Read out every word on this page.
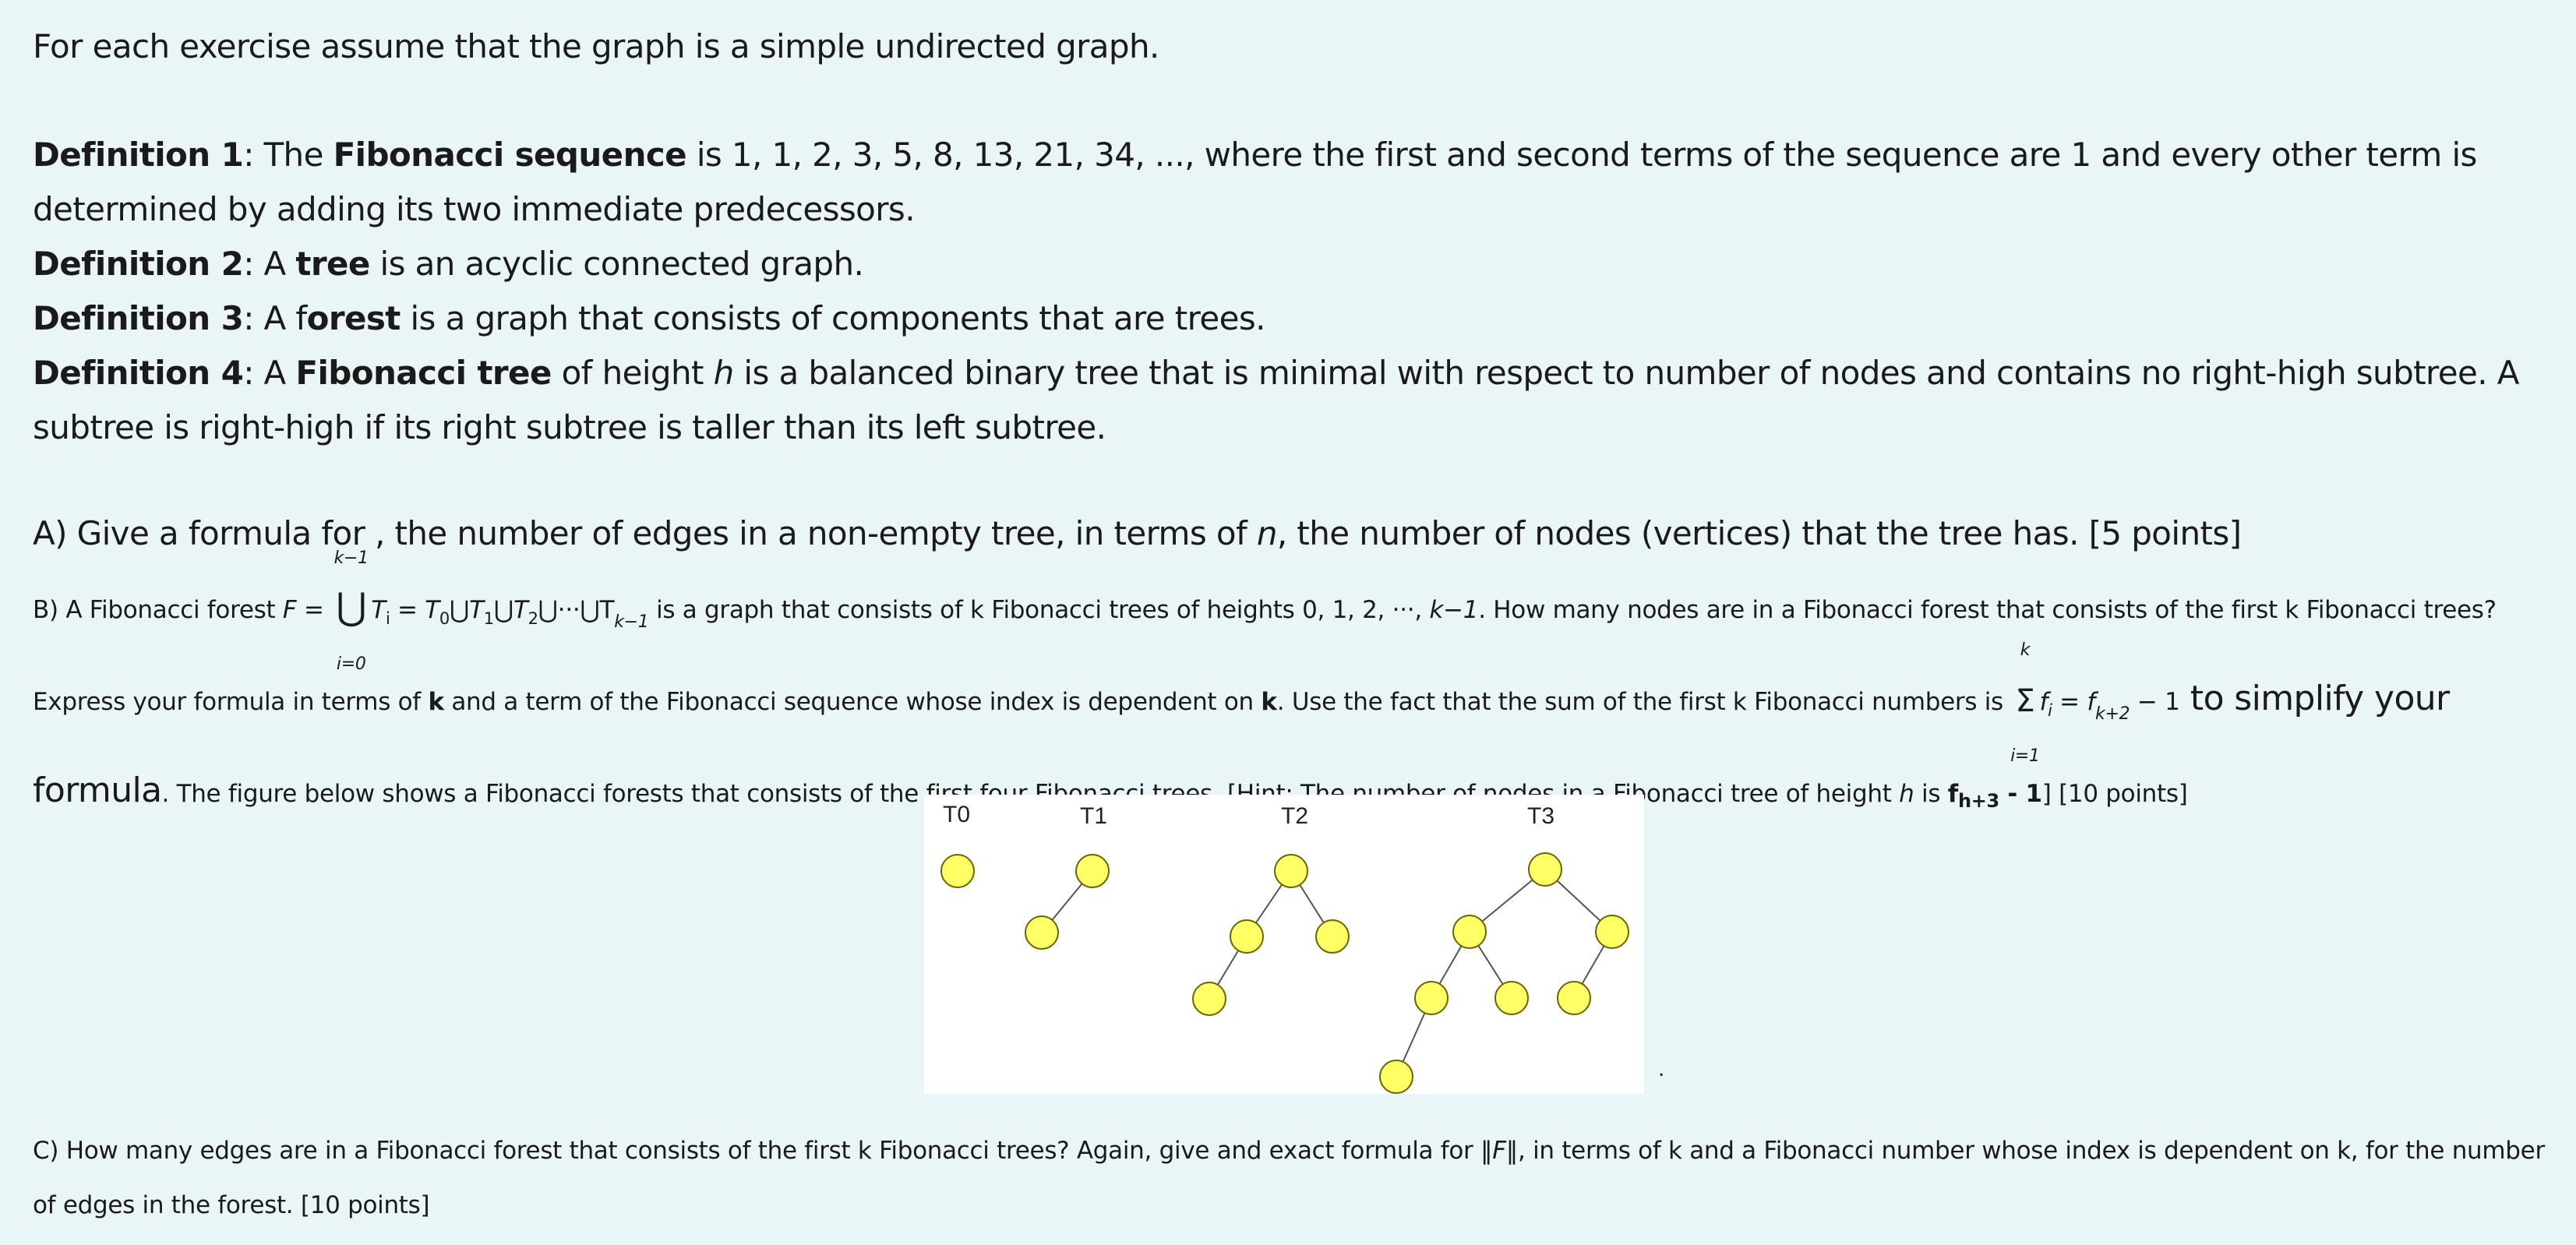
For each exercise assume that the graph is a simple undirected graph.

Definition 1: The Fibonacci sequence is 1, 1, 2, 3, 5, 8, 13, 21, 34, ..., where the first and second terms of the sequence are 1 and every other term is determined by adding its two immediate predecessors.
Definition 2: A tree is an acyclic connected graph.
Definition 3: A forest is a graph that consists of components that are trees.
Definition 4: A Fibonacci tree of height h is a balanced binary tree that is minimal with respect to number of nodes and contains no right-high subtree. A subtree is right-high if its right subtree is taller than its left subtree.

A) Give a formula for , the number of edges in a non-empty tree, in terms of n, the number of nodes (vertices) that the tree has. [5 points]

B) A Fibonacci forest F =
k−1
⋃
i=0
$T_i$ = $T_0⋃T_1⋃T_2⋃\cdot\cdot\cdot⋃T_{k-1}$ is a graph that consists of k Fibonacci trees of heights 0, 1, 2, ···, k−1. How many nodes are in a Fibonacci forest that consists of the first k Fibonacci trees? Express your formula in terms of k and a term of the Fibonacci sequence whose index is dependent on k. Use the fact that the sum of the first k Fibonacci numbers is
k
Σ
i=1
$f_i = f_{k+2} - 1$ to simplify your formula. The figure below shows a Fibonacci forests that consists of the first four Fibonacci trees. [Hint: The number of nodes in a Fibonacci tree of height h is $f_{h+3} - 1$] [10 points]
T0	T1	T2	T3
.

C) How many edges are in a Fibonacci forest that consists of the first k Fibonacci trees? Again, give and exact formula for ‖F‖, in terms of k and a Fibonacci number whose index is dependent on k, for the number of edges in the forest. [10 points]
